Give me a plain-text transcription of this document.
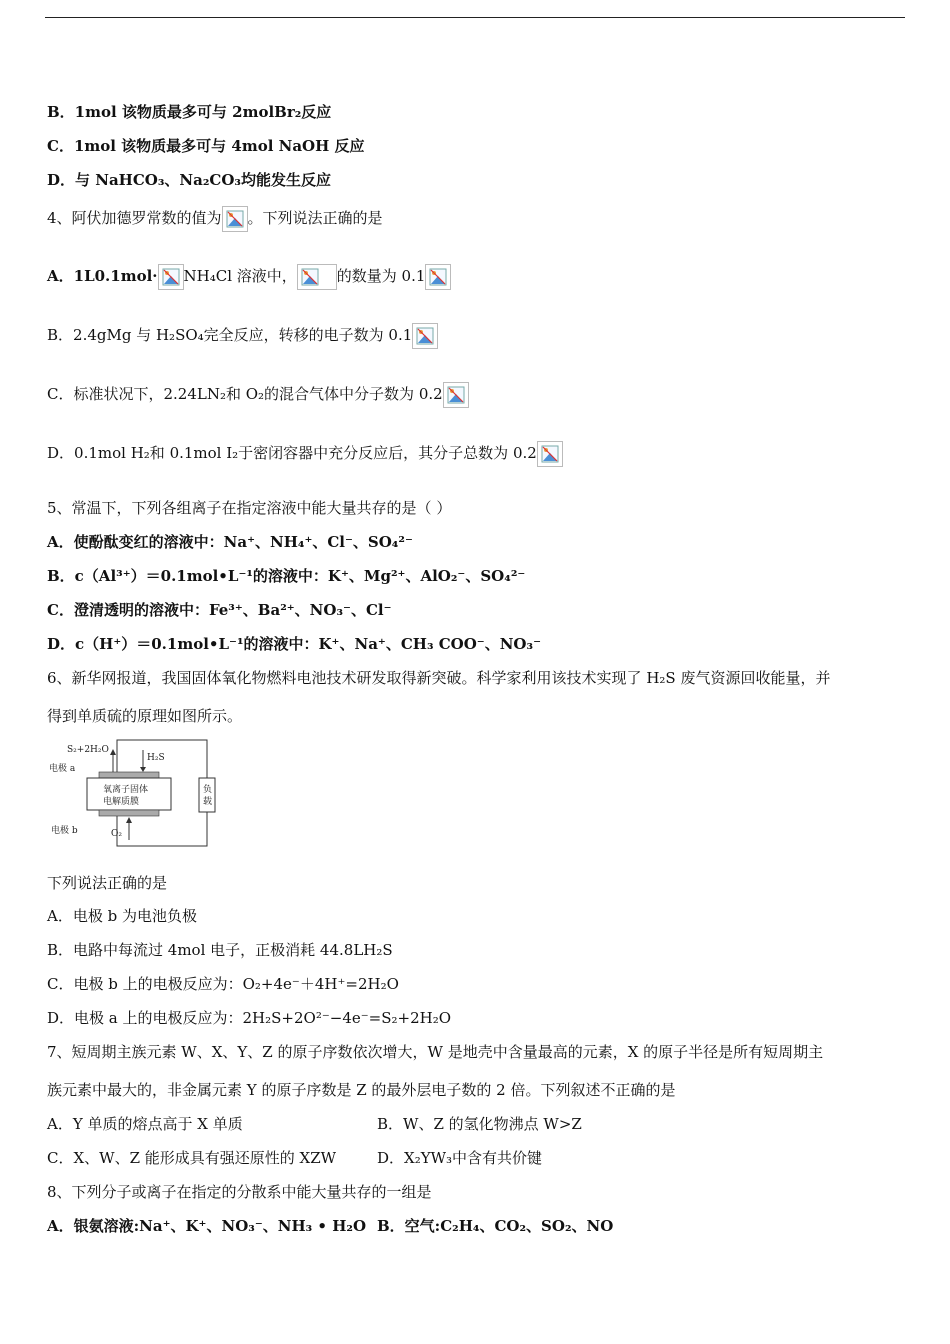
B．1mol 该物质最多可与 2molBr₂反应
C．1mol 该物质最多可与 4mol NaOH 反应
D．与 NaHCO₃、Na₂CO₃均能发生反应
4、阿伏加德罗常数的值为 。下列说法正确的是
A．1L0.1mol· NH₄Cl 溶液中，	的数量为 0.1
B．2.4gMg 与 H₂SO₄完全反应，转移的电子数为 0.1
C．标准状况下，2.24LN₂和 O₂的混合气体中分子数为 0.2
D．0.1mol H₂和 0.1mol I₂于密闭容器中充分反应后，其分子总数为 0.2
5、常温下，下列各组离子在指定溶液中能大量共存的是（ ）
A．使酚酞变红的溶液中：Na⁺、NH₄⁺、Cl⁻、SO₄²⁻
B．c（Al³⁺）＝0.1mol•L⁻¹的溶液中：K⁺、Mg²⁺、AlO₂⁻、SO₄²⁻
C．澄清透明的溶液中：Fe³⁺、Ba²⁺、NO₃⁻、Cl⁻
D．c（H⁺）＝0.1mol•L⁻¹的溶液中：K⁺、Na⁺、CH₃ COO⁻、NO₃⁻
6、新华网报道，我国固体氧化物燃料电池技术研发取得新突破。科学家利用该技术实现了 H₂S 废气资源回收能量，并
得到单质硫的原理如图所示。
负
载
氧离子固体
电解质膜
S₂+2H₂O
H₂S
电极 a
电极 b	O₂
下列说法正确的是
A．电极 b 为电池负极
B．电路中每流过 4mol 电子，正极消耗 44.8LH₂S
C．电极 b 上的电极反应为：O₂+4e⁻＋4H⁺=2H₂O
D．电极 a 上的电极反应为：2H₂S+2O²⁻−4e⁻=S₂+2H₂O
7、短周期主族元素 W、X、Y、Z 的原子序数依次增大，W 是地壳中含量最高的元素，X 的原子半径是所有短周期主
族元素中最大的，非金属元素 Y 的原子序数是 Z 的最外层电子数的 2 倍。下列叙述不正确的是
A．Y 单质的熔点高于 X 单质	B．W、Z 的氢化物沸点 W>Z
C．X、W、Z 能形成具有强还原性的 XZW	D．X₂YW₃中含有共价键
8、下列分子或离子在指定的分散系中能大量共存的一组是
A．银氨溶液:Na⁺、K⁺、NO₃⁻、NH₃ • H₂O B．空气:C₂H₄、CO₂、SO₂、NO
